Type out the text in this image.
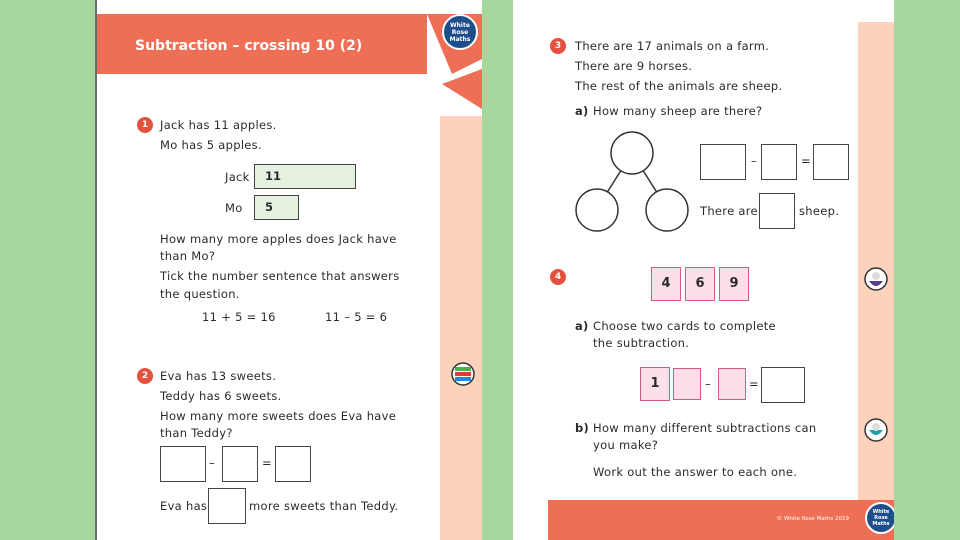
Subtraction – crossing 10 (2)
White Rose Maths
1	Jack has 11 apples.
Mo has 5 apples.
Jack	11
Mo	5
How many more apples does Jack have
than Mo?
Tick the number sentence that answers
the question.
11 + 5 = 16	11 – 5 = 6
2	Eva has 13 sweets.
Teddy has 6 sweets.
How many more sweets does Eva have
than Teddy?
–	=
Eva has	more sweets than Teddy.
3	There are 17 animals on a farm.
There are 9 horses.
The rest of the animals are sheep.
a) How many sheep are there?
–	=
There are	sheep.
4	4	6	9
a) Choose two cards to complete
the subtraction.
1	–	=
b) How many different subtractions can
you make?
Work out the answer to each one.
© White Rose Maths 2019
White Rose Maths
